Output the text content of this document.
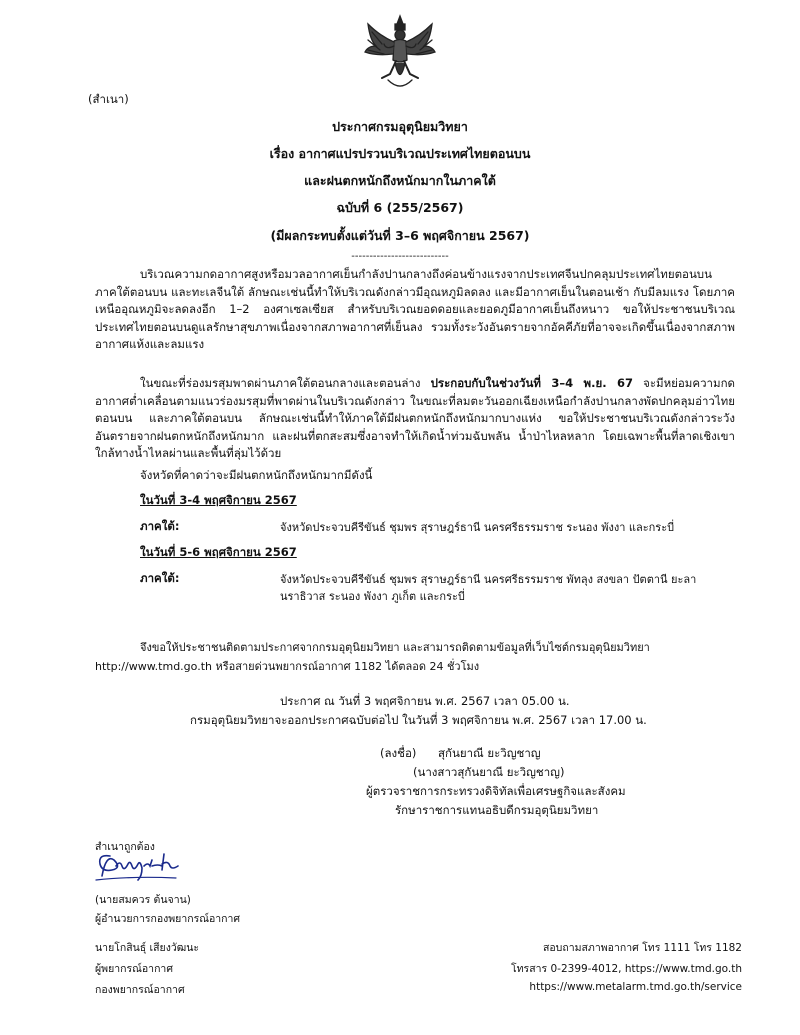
(สำเนา)
ประกาศกรมอุตุนิยมวิทยา
เรื่อง อากาศแปรปรวนบริเวณประเทศไทยตอนบน
และฝนตกหนักถึงหนักมากในภาคใต้
ฉบับที่ 6 (255/2567)
(มีผลกระทบตั้งแต่วันที่ 3–6 พฤศจิกายน 2567)
---------------------------
บริเวณความกดอากาศสูงหรือมวลอากาศเย็นกำลังปานกลางถึงค่อนข้างแรงจากประเทศจีนปกคลุมประเทศไทยตอนบน ภาคใต้ตอนบน และทะเลจีนใต้ ลักษณะเช่นนี้ทำให้บริเวณดังกล่าวมีอุณหภูมิลดลง และมีอากาศเย็นในตอนเช้า กับมีลมแรง โดยภาคเหนืออุณหภูมิจะลดลงอีก 1–2 องศาเซลเซียส สำหรับบริเวณยอดดอยและยอดภูมีอากาศเย็นถึงหนาว ขอให้ประชาชนบริเวณประเทศไทยตอนบนดูแลรักษาสุขภาพเนื่องจากสภาพอากาศที่เย็นลง รวมทั้งระวังอันตรายจากอัคคีภัยที่อาจจะเกิดขึ้นเนื่องจากสภาพอากาศแห้งและลมแรง
ในขณะที่ร่องมรสุมพาดผ่านภาคใต้ตอนกลางและตอนล่าง ประกอบกับในช่วงวันที่ 3–4 พ.ย. 67 จะมีหย่อมความกดอากาศต่ำเคลื่อนตามแนวร่องมรสุมที่พาดผ่านในบริเวณดังกล่าว ในขณะที่ลมตะวันออกเฉียงเหนือกำลังปานกลางพัดปกคลุมอ่าวไทยตอนบน และภาคใต้ตอนบน ลักษณะเช่นนี้ทำให้ภาคใต้มีฝนตกหนักถึงหนักมากบางแห่ง ขอให้ประชาชนบริเวณดังกล่าวระวังอันตรายจากฝนตกหนักถึงหนักมาก และฝนที่ตกสะสมซึ่งอาจทำให้เกิดน้ำท่วมฉับพลัน น้ำป่าไหลหลาก โดยเฉพาะพื้นที่ลาดเชิงเขาใกล้ทางน้ำไหลผ่านและพื้นที่ลุ่มไว้ด้วย
จังหวัดที่คาดว่าจะมีฝนตกหนักถึงหนักมากมีดังนี้
ในวันที่ 3-4 พฤศจิกายน 2567
ภาคใต้:	จังหวัดประจวบคีรีขันธ์ ชุมพร สุราษฎร์ธานี นครศรีธรรมราช ระนอง พังงา และกระบี่
ในวันที่ 5-6 พฤศจิกายน 2567
ภาคใต้:	จังหวัดประจวบคีรีขันธ์ ชุมพร สุราษฎร์ธานี นครศรีธรรมราช พัทลุง สงขลา ปัตตานี ยะลา
นราธิวาส ระนอง พังงา ภูเก็ต และกระบี่
จึงขอให้ประชาชนติดตามประกาศจากกรมอุตุนิยมวิทยา และสามารถติดตามข้อมูลที่เว็บไซต์กรมอุตุนิยมวิทยา
http://www.tmd.go.th หรือสายด่วนพยากรณ์อากาศ 1182 ได้ตลอด 24 ชั่วโมง
ประกาศ ณ วันที่ 3 พฤศจิกายน พ.ศ. 2567 เวลา 05.00 น.
กรมอุตุนิยมวิทยาจะออกประกาศฉบับต่อไป ในวันที่ 3 พฤศจิกายน พ.ศ. 2567 เวลา 17.00 น.
(ลงชื่อ) สุกันยาณี ยะวิญชาญ
(นางสาวสุกันยาณี ยะวิญชาญ)
ผู้ตรวจราชการกระทรวงดิจิทัลเพื่อเศรษฐกิจและสังคม
รักษาราชการแทนอธิบดีกรมอุตุนิยมวิทยา
สำเนาถูกต้อง
(นายสมควร ต้นจาน)
ผู้อำนวยการกองพยากรณ์อากาศ
นายโกสินธุ์ เสียงวัฒนะ
ผู้พยากรณ์อากาศ
กองพยากรณ์อากาศ
สอบถามสภาพอากาศ โทร 1111 โทร 1182
โทรสาร 0-2399-4012, https://www.tmd.go.th
https://www.metalarm.tmd.go.th/service
